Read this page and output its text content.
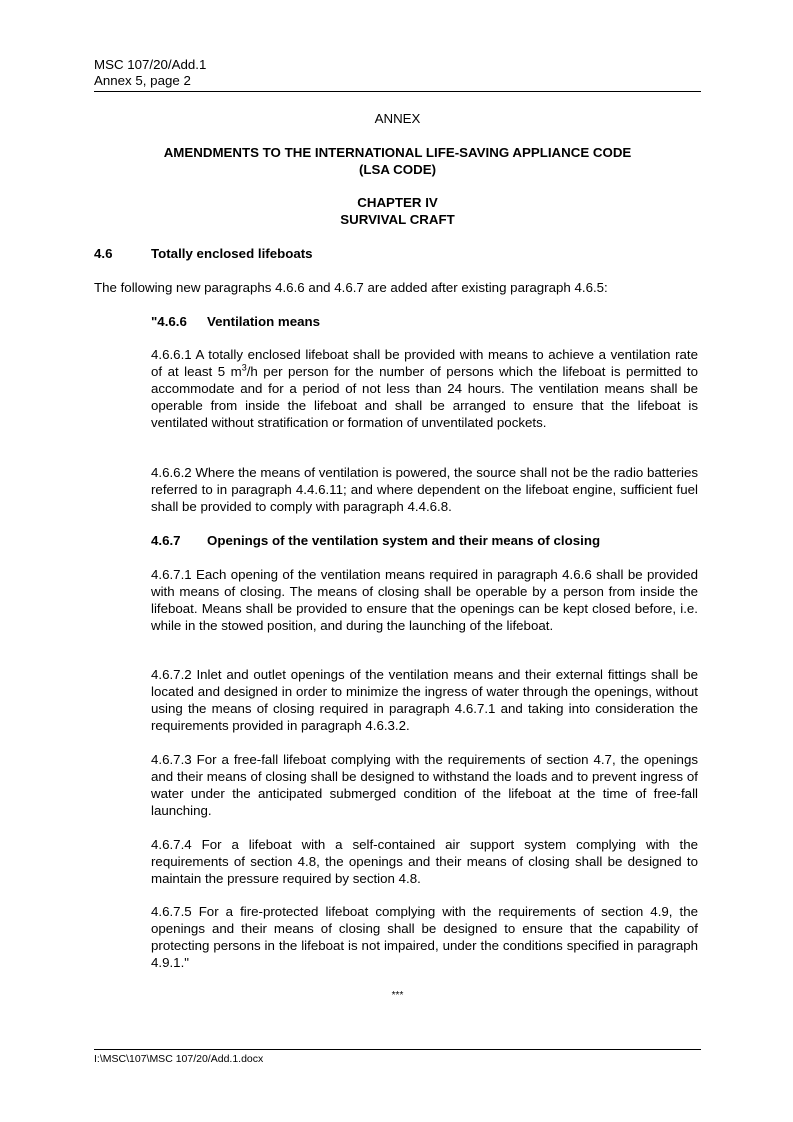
MSC 107/20/Add.1
Annex 5, page 2
ANNEX
AMENDMENTS TO THE INTERNATIONAL LIFE-SAVING APPLIANCE CODE
(LSA CODE)
CHAPTER IV
SURVIVAL CRAFT
4.6	Totally enclosed lifeboats
The following new paragraphs 4.6.6 and 4.6.7 are added after existing paragraph 4.6.5:
"4.6.6 Ventilation means
4.6.6.1 A totally enclosed lifeboat shall be provided with means to achieve a ventilation rate of at least 5 $m^3/h$ per person for the number of persons which the lifeboat is permitted to accommodate and for a period of not less than 24 hours. The ventilation means shall be operable from inside the lifeboat and shall be arranged to ensure that the lifeboat is ventilated without stratification or formation of unventilated pockets.
4.6.6.2 Where the means of ventilation is powered, the source shall not be the radio batteries referred to in paragraph 4.4.6.11; and where dependent on the lifeboat engine, sufficient fuel shall be provided to comply with paragraph 4.4.6.8.
4.6.7 Openings of the ventilation system and their means of closing
4.6.7.1 Each opening of the ventilation means required in paragraph 4.6.6 shall be provided with means of closing. The means of closing shall be operable by a person from inside the lifeboat. Means shall be provided to ensure that the openings can be kept closed before, i.e. while in the stowed position, and during the launching of the lifeboat.
4.6.7.2 Inlet and outlet openings of the ventilation means and their external fittings shall be located and designed in order to minimize the ingress of water through the openings, without using the means of closing required in paragraph 4.6.7.1 and taking into consideration the requirements provided in paragraph 4.6.3.2.
4.6.7.3 For a free-fall lifeboat complying with the requirements of section 4.7, the openings and their means of closing shall be designed to withstand the loads and to prevent ingress of water under the anticipated submerged condition of the lifeboat at the time of free-fall launching.
4.6.7.4 For a lifeboat with a self-contained air support system complying with the requirements of section 4.8, the openings and their means of closing shall be designed to maintain the pressure required by section 4.8.
4.6.7.5 For a fire-protected lifeboat complying with the requirements of section 4.9, the openings and their means of closing shall be designed to ensure that the capability of protecting persons in the lifeboat is not impaired, under the conditions specified in paragraph 4.9.1."
***
I:\MSC\107\MSC 107/20/Add.1.docx
